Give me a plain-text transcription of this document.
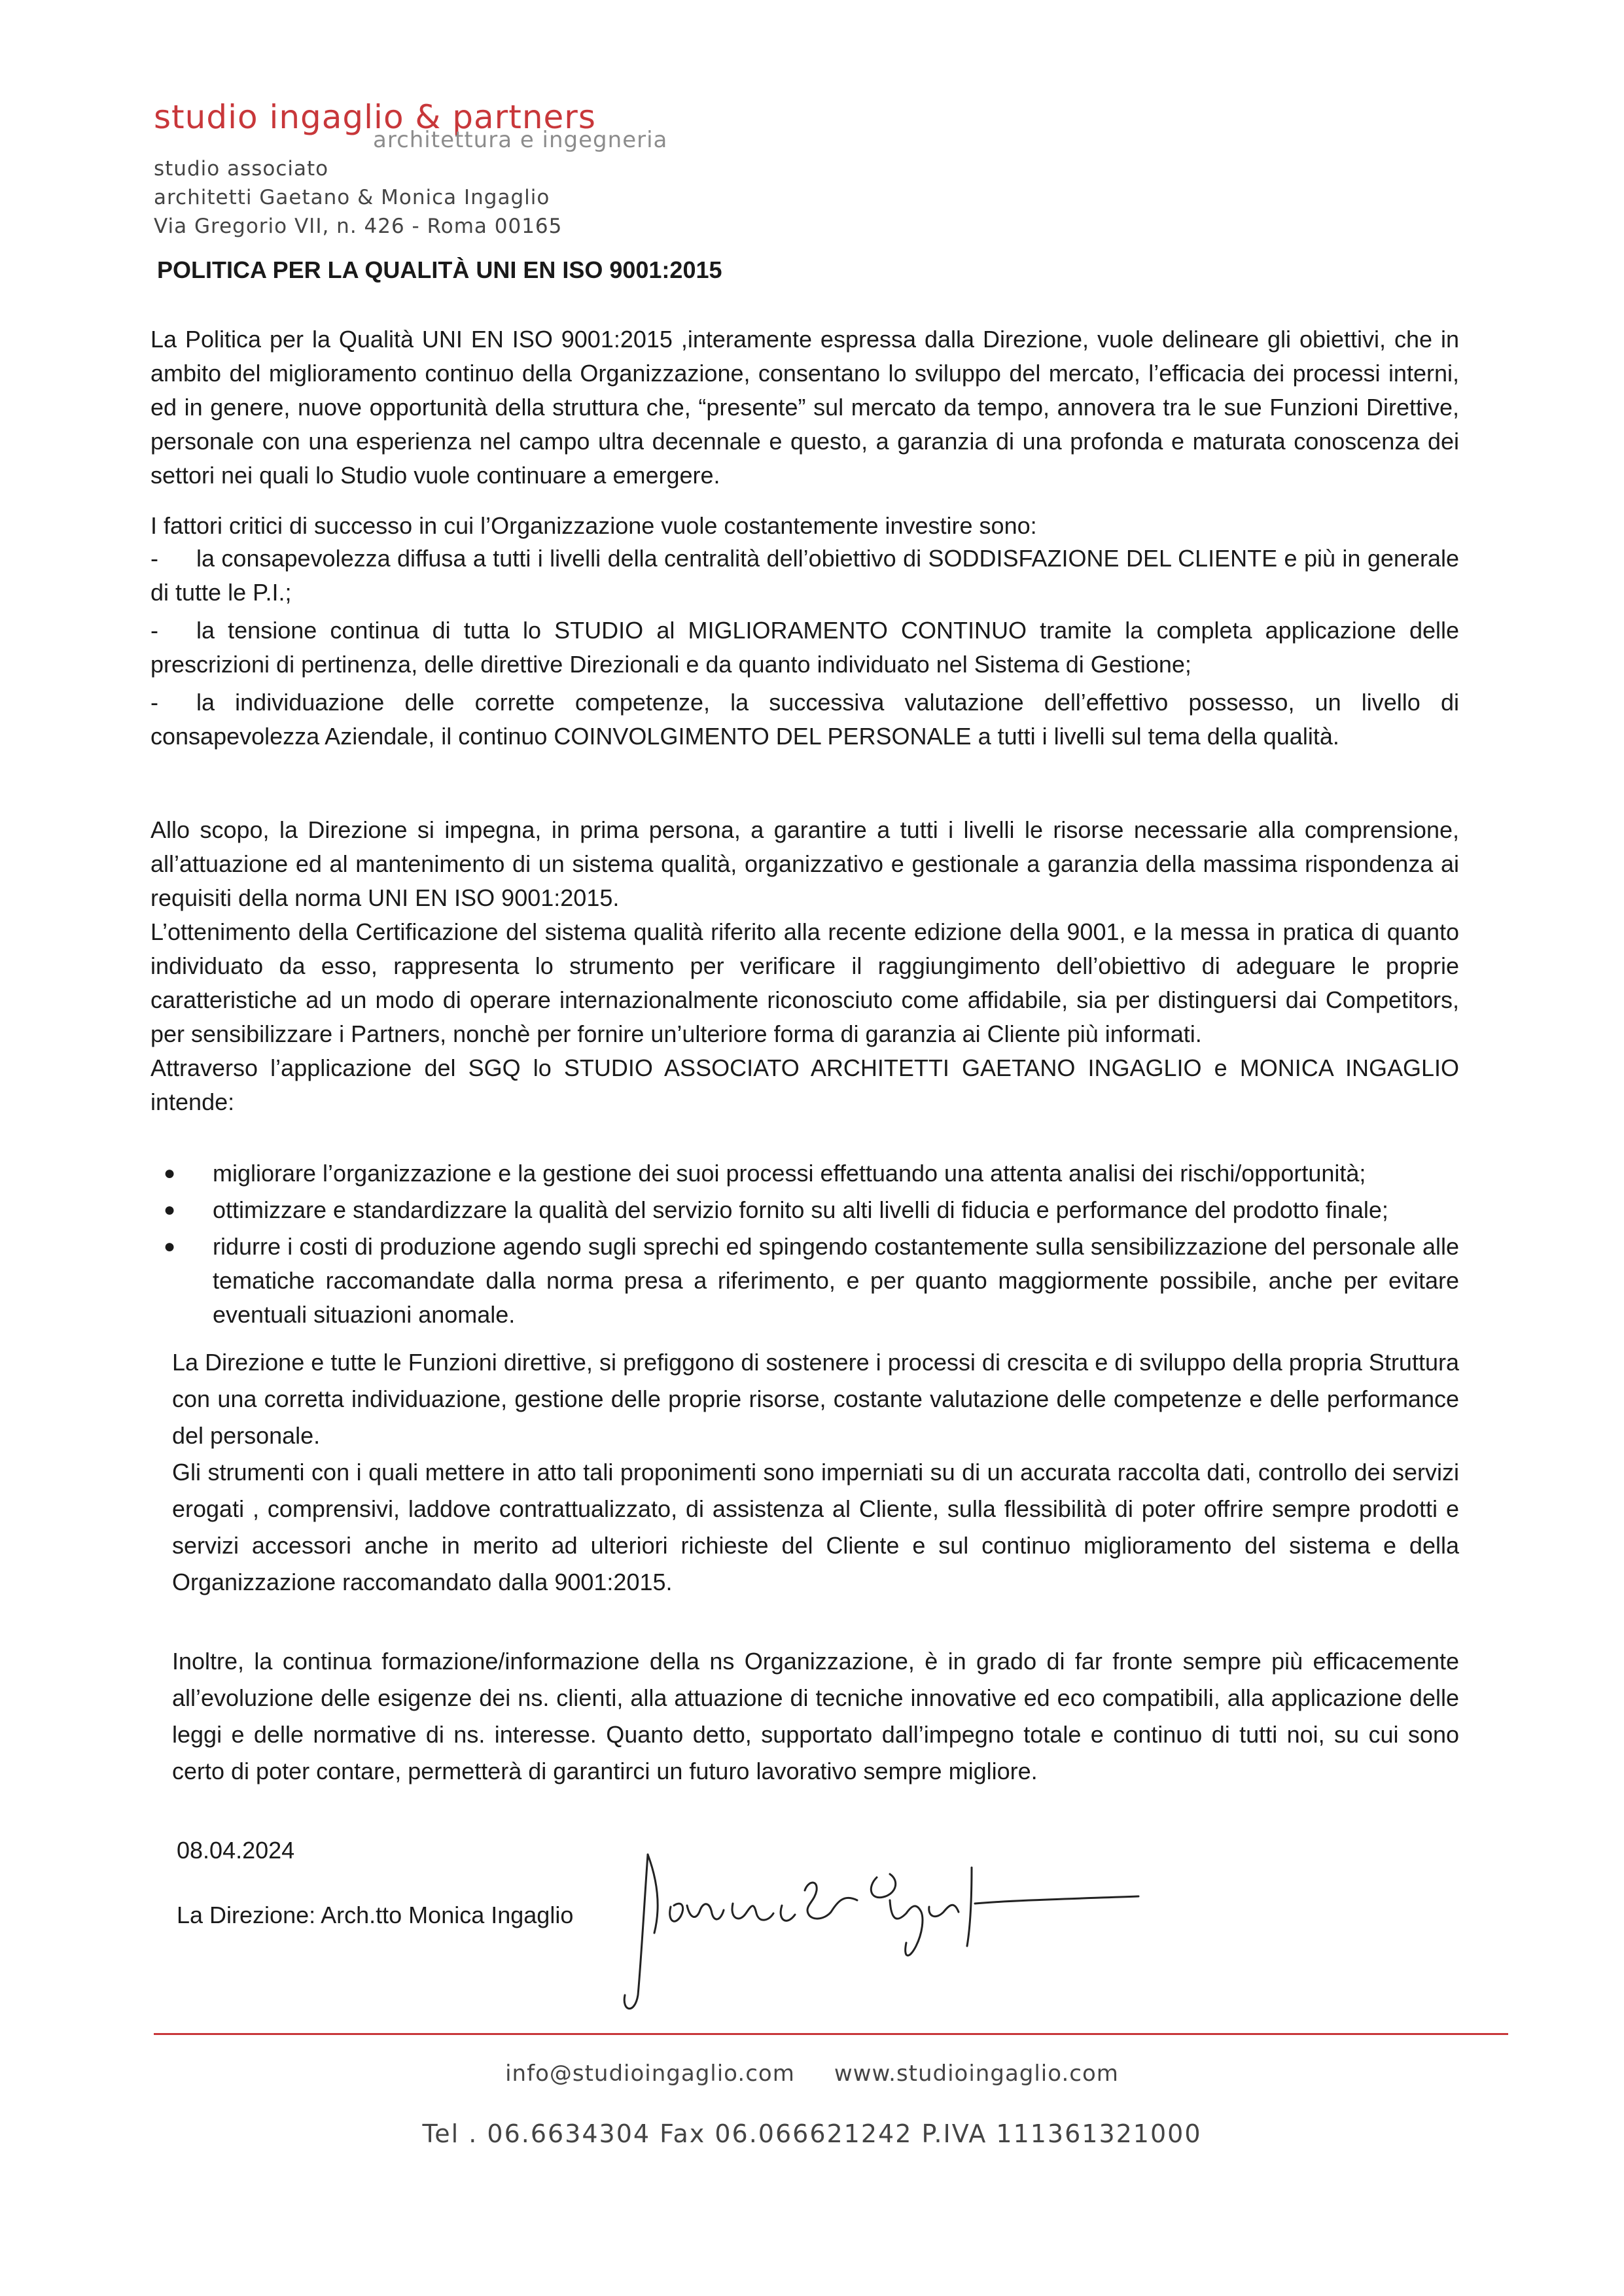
studio ingaglio & partners
architettura e ingegneria
studio associato
architetti Gaetano & Monica Ingaglio
Via Gregorio VII, n. 426 - Roma 00165
POLITICA PER LA QUALITÀ UNI EN ISO 9001:2015

La Politica per la Qualità UNI EN ISO 9001:2015 ,interamente espressa dalla Direzione, vuole delineare gli obiettivi, che in ambito del miglioramento continuo della Organizzazione, consentano lo sviluppo del mercato, l’efficacia dei processi interni, ed in genere, nuove opportunità della struttura che, “presente” sul mercato da tempo, annovera tra le sue Funzioni Direttive, personale con una esperienza nel campo ultra decennale e questo, a garanzia di una profonda e maturata conoscenza dei settori nei quali lo Studio vuole continuare a emergere.

I fattori critici di successo in cui l’Organizzazione vuole costantemente investire sono:
- la consapevolezza diffusa a tutti i livelli della centralità dell’obiettivo di SODDISFAZIONE DEL CLIENTE e più in generale di tutte le P.I.;
- la tensione continua di tutta lo STUDIO al MIGLIORAMENTO CONTINUO tramite la completa applicazione delle prescrizioni di pertinenza, delle direttive Direzionali e da quanto individuato nel Sistema di Gestione;
- la individuazione delle corrette competenze, la successiva valutazione dell’effettivo possesso, un livello di consapevolezza Aziendale, il continuo COINVOLGIMENTO DEL PERSONALE a tutti i livelli sul tema della qualità.

Allo scopo, la Direzione si impegna, in prima persona, a garantire a tutti i livelli le risorse necessarie alla comprensione, all’attuazione ed al mantenimento di un sistema qualità, organizzativo e gestionale a garanzia della massima rispondenza ai requisiti della norma UNI EN ISO 9001:2015.

L’ottenimento della Certificazione del sistema qualità riferito alla recente edizione della 9001, e la messa in pratica di quanto individuato da esso, rappresenta lo strumento per verificare il raggiungimento dell’obiettivo di adeguare le proprie caratteristiche ad un modo di operare internazionalmente riconosciuto come affidabile, sia per distinguersi dai Competitors, per sensibilizzare i Partners, nonchè per fornire un’ulteriore forma di garanzia ai Cliente più informati.

Attraverso l’applicazione del SGQ lo STUDIO ASSOCIATO ARCHITETTI GAETANO INGAGLIO e MONICA INGAGLIO intende:

● migliorare l’organizzazione e la gestione dei suoi processi effettuando una attenta analisi dei rischi/opportunità;
● ottimizzare e standardizzare la qualità del servizio fornito su alti livelli di fiducia e performance del prodotto finale;
● ridurre i costi di produzione agendo sugli sprechi ed spingendo costantemente sulla sensibilizzazione del personale alle tematiche raccomandate dalla norma presa a riferimento, e per quanto maggiormente possibile, anche per evitare eventuali situazioni anomale.

La Direzione e tutte le Funzioni direttive, si prefiggono di sostenere i processi di crescita e di sviluppo della propria Struttura con una corretta individuazione, gestione delle proprie risorse, costante valutazione delle competenze e delle performance del personale.

Gli strumenti con i quali mettere in atto tali proponimenti sono imperniati su di un accurata raccolta dati, controllo dei servizi erogati , comprensivi, laddove contrattualizzato, di assistenza al Cliente, sulla flessibilità di poter offrire sempre prodotti e servizi accessori anche in merito ad ulteriori richieste del Cliente e sul continuo miglioramento del sistema e della Organizzazione raccomandato dalla 9001:2015.

Inoltre, la continua formazione/informazione della ns Organizzazione, è in grado di far fronte sempre più efficacemente all’evoluzione delle esigenze dei ns. clienti, alla attuazione di tecniche innovative ed eco compatibili, alla applicazione delle leggi e delle normative di ns. interesse. Quanto detto, supportato dall’impegno totale e continuo di tutti noi, su cui sono certo di poter contare, permetterà di garantirci un futuro lavorativo sempre migliore.

08.04.2024
La Direzione: Arch.tto Monica Ingaglio
info@studioingaglio.com www.studioingaglio.com
Tel . 06.6634304 Fax 06.066621242 P.IVA 111361321000
